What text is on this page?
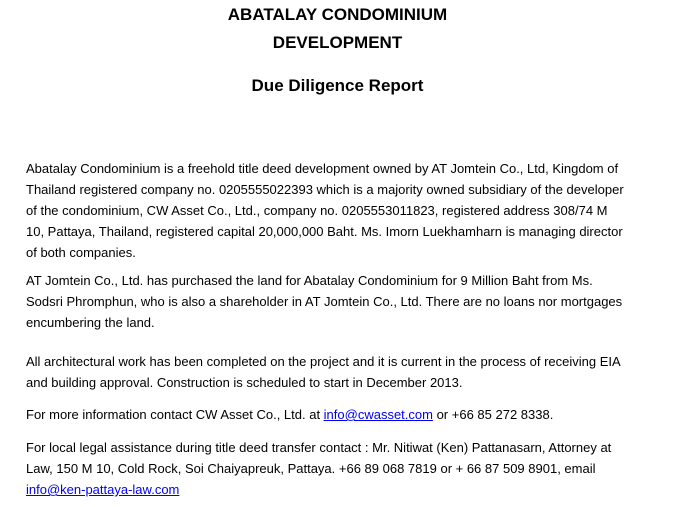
ABATALAY CONDOMINIUM
DEVELOPMENT
Due Diligence Report

Abatalay Condominium is a freehold title deed development owned by AT Jomtein Co., Ltd, Kingdom of
Thailand registered company no. 0205555022393 which is a majority owned subsidiary of the developer
of the condominium, CW Asset Co., Ltd., company no. 0205553011823, registered address 308/74 M
10, Pattaya, Thailand, registered capital 20,000,000 Baht. Ms. Imorn Luekhamharn is managing director
of both companies.

AT Jomtein Co., Ltd. has purchased the land for Abatalay Condominium for 9 Million Baht from Ms.
Sodsri Phromphun, who is also a shareholder in AT Jomtein Co., Ltd. There are no loans nor mortgages
encumbering the land.

All architectural work has been completed on the project and it is current in the process of receiving EIA
and building approval. Construction is scheduled to start in December 2013.

For more information contact CW Asset Co., Ltd. at info@cwasset.com or +66 85 272 8338.

For local legal assistance during title deed transfer contact : Mr. Nitiwat (Ken) Pattanasarn, Attorney at
Law, 150 M 10, Cold Rock, Soi Chaiyapreuk, Pattaya. +66 89 068 7819 or + 66 87 509 8901, email
info@ken-pattaya-law.com
